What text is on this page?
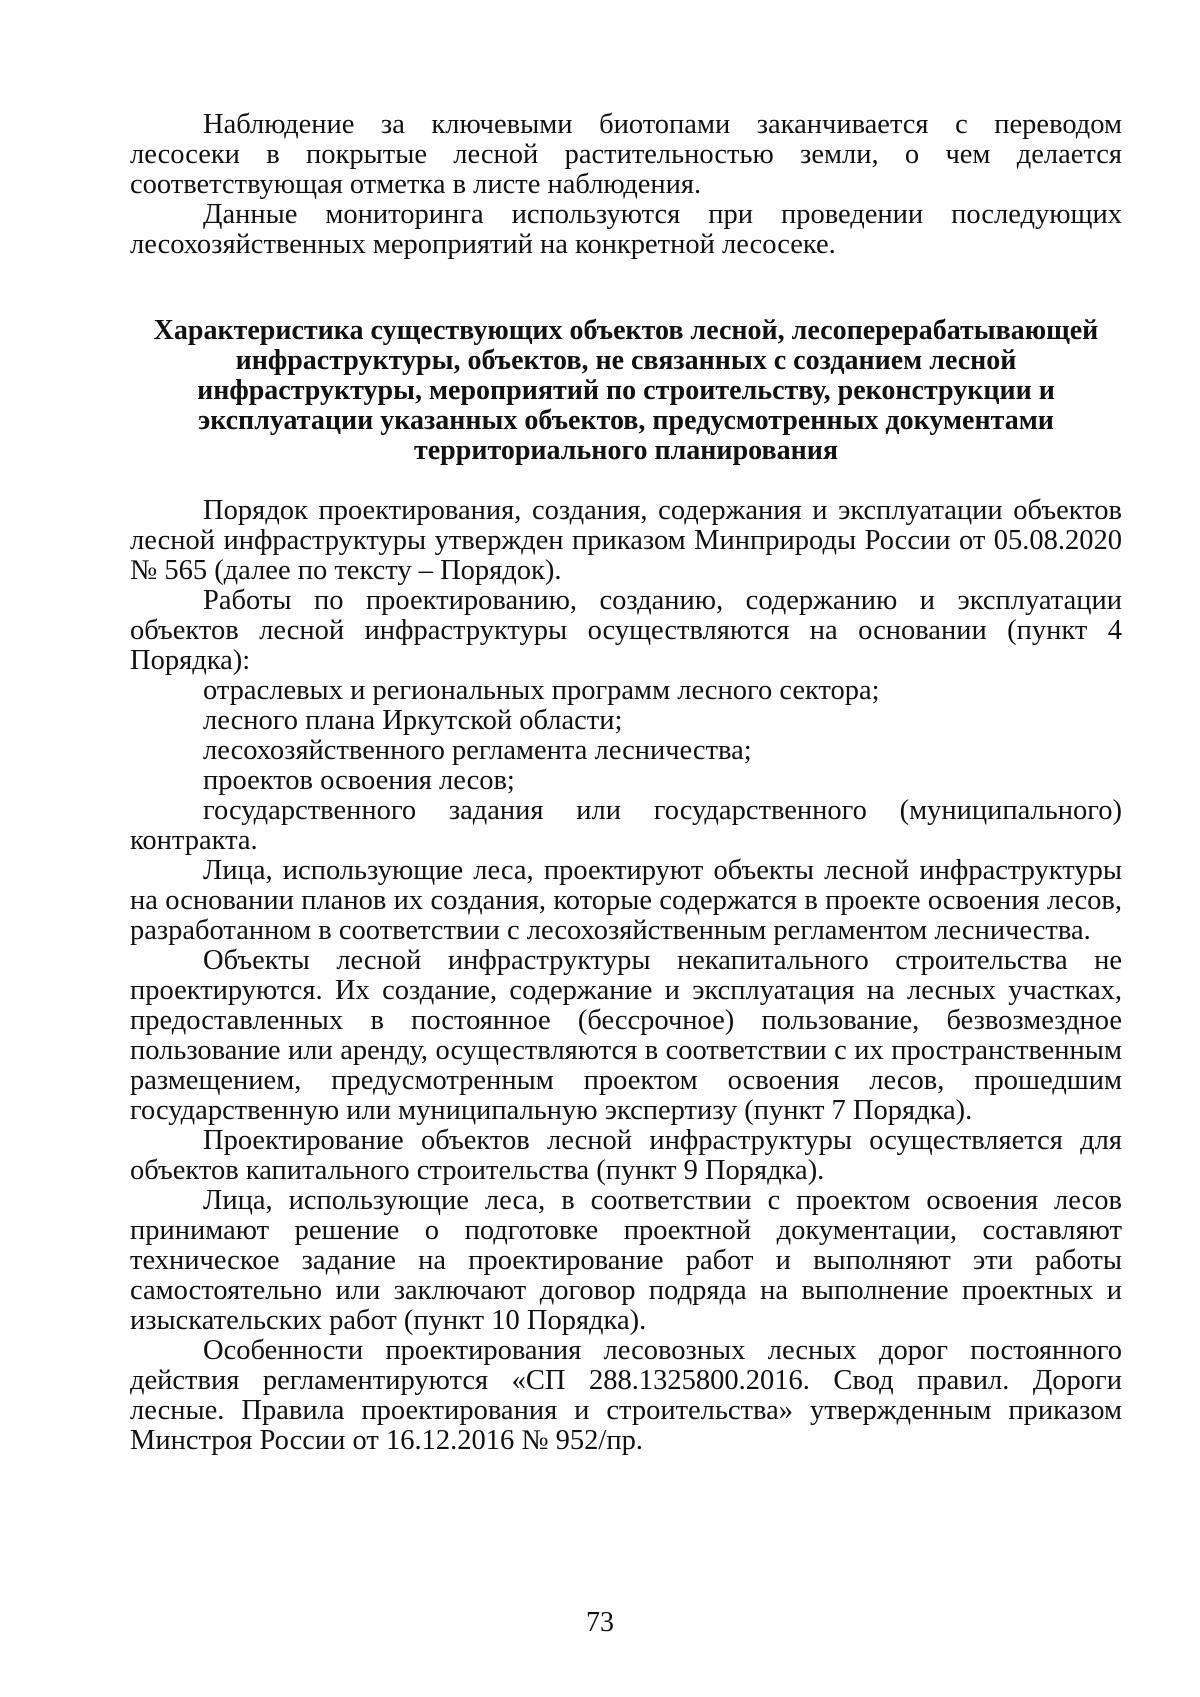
Наблюдение за ключевыми биотопами заканчивается с переводом лесосеки в покрытые лесной растительностью земли, о чем делается соответствующая отметка в листе наблюдения.

Данные мониторинга используются при проведении последующих лесохозяйственных мероприятий на конкретной лесосеке.

Характеристика существующих объектов лесной, лесоперерабатывающей инфраструктуры, объектов, не связанных с созданием лесной инфраструктуры, мероприятий по строительству, реконструкции и эксплуатации указанных объектов, предусмотренных документами территориального планирования

Порядок проектирования, создания, содержания и эксплуатации объектов лесной инфраструктуры утвержден приказом Минприроды России от 05.08.2020 № 565 (далее по тексту – Порядок).

Работы по проектированию, созданию, содержанию и эксплуатации объектов лесной инфраструктуры осуществляются на основании (пункт 4 Порядка):

отраслевых и региональных программ лесного сектора;

лесного плана Иркутской области;

лесохозяйственного регламента лесничества;

проектов освоения лесов;

государственного задания или государственного (муниципального) контракта.

Лица, использующие леса, проектируют объекты лесной инфраструктуры на основании планов их создания, которые содержатся в проекте освоения лесов, разработанном в соответствии с лесохозяйственным регламентом лесничества.

Объекты лесной инфраструктуры некапитального строительства не проектируются. Их создание, содержание и эксплуатация на лесных участках, предоставленных в постоянное (бессрочное) пользование, безвозмездное пользование или аренду, осуществляются в соответствии с их пространственным размещением, предусмотренным проектом освоения лесов, прошедшим государственную или муниципальную экспертизу (пункт 7 Порядка).

Проектирование объектов лесной инфраструктуры осуществляется для объектов капитального строительства (пункт 9 Порядка).

Лица, использующие леса, в соответствии с проектом освоения лесов принимают решение о подготовке проектной документации, составляют техническое задание на проектирование работ и выполняют эти работы самостоятельно или заключают договор подряда на выполнение проектных и изыскательских работ (пункт 10 Порядка).

Особенности проектирования лесовозных лесных дорог постоянного действия регламентируются «СП 288.1325800.2016. Свод правил. Дороги лесные. Правила проектирования и строительства» утвержденным приказом Минстроя России от 16.12.2016 № 952/пр.

73
